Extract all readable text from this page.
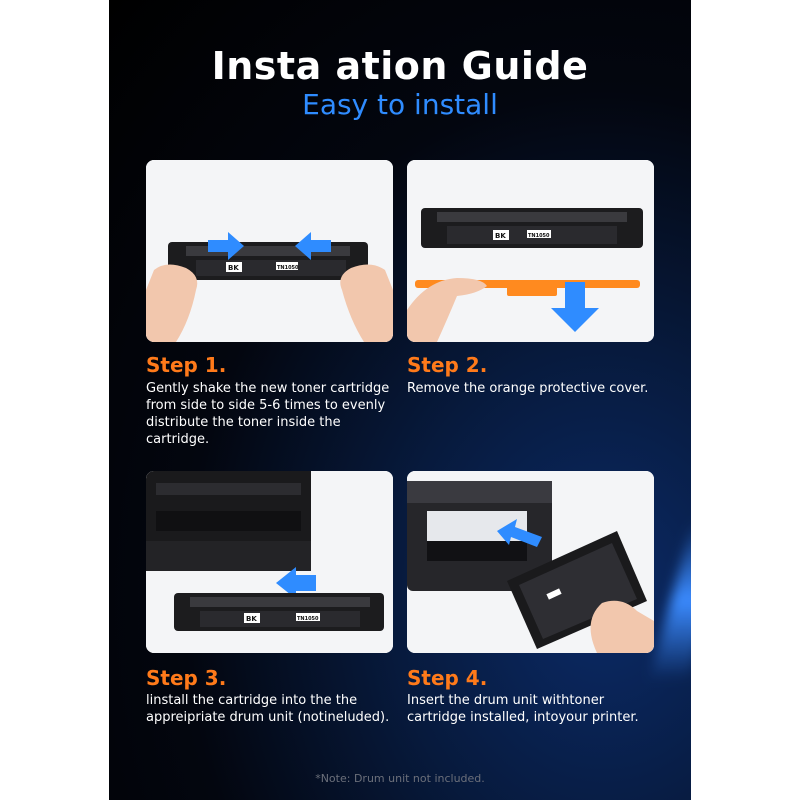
Insta ation Guide
Easy to install
BK	TN1050
BK	TN1050
Step 1.
Gently shake the new toner cartridge from side to side 5-6 times to evenly distribute the toner inside the cartridge.
Step 2.
Remove the orange protective cover.
BK	TN1050
Step 3.
linstall the cartridge into the the appreipriate drum unit (notineluded).
Step 4.
Insert the drum unit withtoner cartridge installed, intoyour printer.
*Note: Drum unit not included.
